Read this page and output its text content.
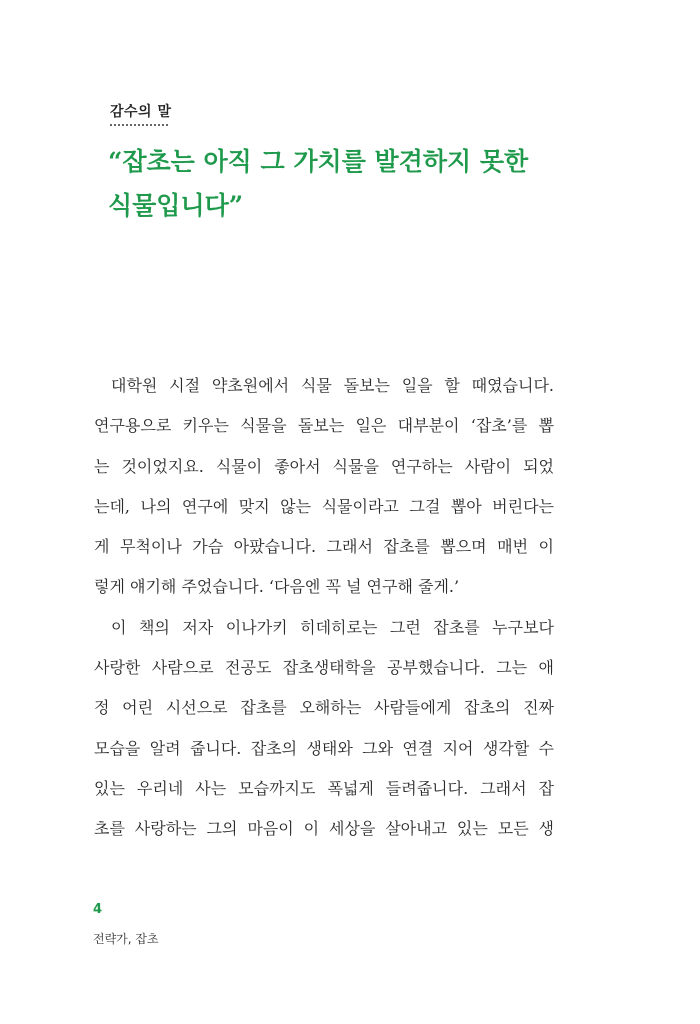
감수의 말
“잡초는 아직 그 가치를 발견하지 못한
식물입니다”
대학원 시절 약초원에서 식물 돌보는 일을 할 때였습니다.
연구용으로 키우는 식물을 돌보는 일은 대부분이 ‘잡초’를 뽑
는 것이었지요. 식물이 좋아서 식물을 연구하는 사람이 되었
는데, 나의 연구에 맞지 않는 식물이라고 그걸 뽑아 버린다는
게 무척이나 가슴 아팠습니다. 그래서 잡초를 뽑으며 매번 이
렇게 얘기해 주었습니다. ‘다음엔 꼭 널 연구해 줄게.’
이 책의 저자 이나가키 히데히로는 그런 잡초를 누구보다
사랑한 사람으로 전공도 잡초생태학을 공부했습니다. 그는 애
정 어린 시선으로 잡초를 오해하는 사람들에게 잡초의 진짜
모습을 알려 줍니다. 잡초의 생태와 그와 연결 지어 생각할 수
있는 우리네 사는 모습까지도 폭넓게 들려줍니다. 그래서 잡
초를 사랑하는 그의 마음이 이 세상을 살아내고 있는 모든 생
4
전략가, 잡초
